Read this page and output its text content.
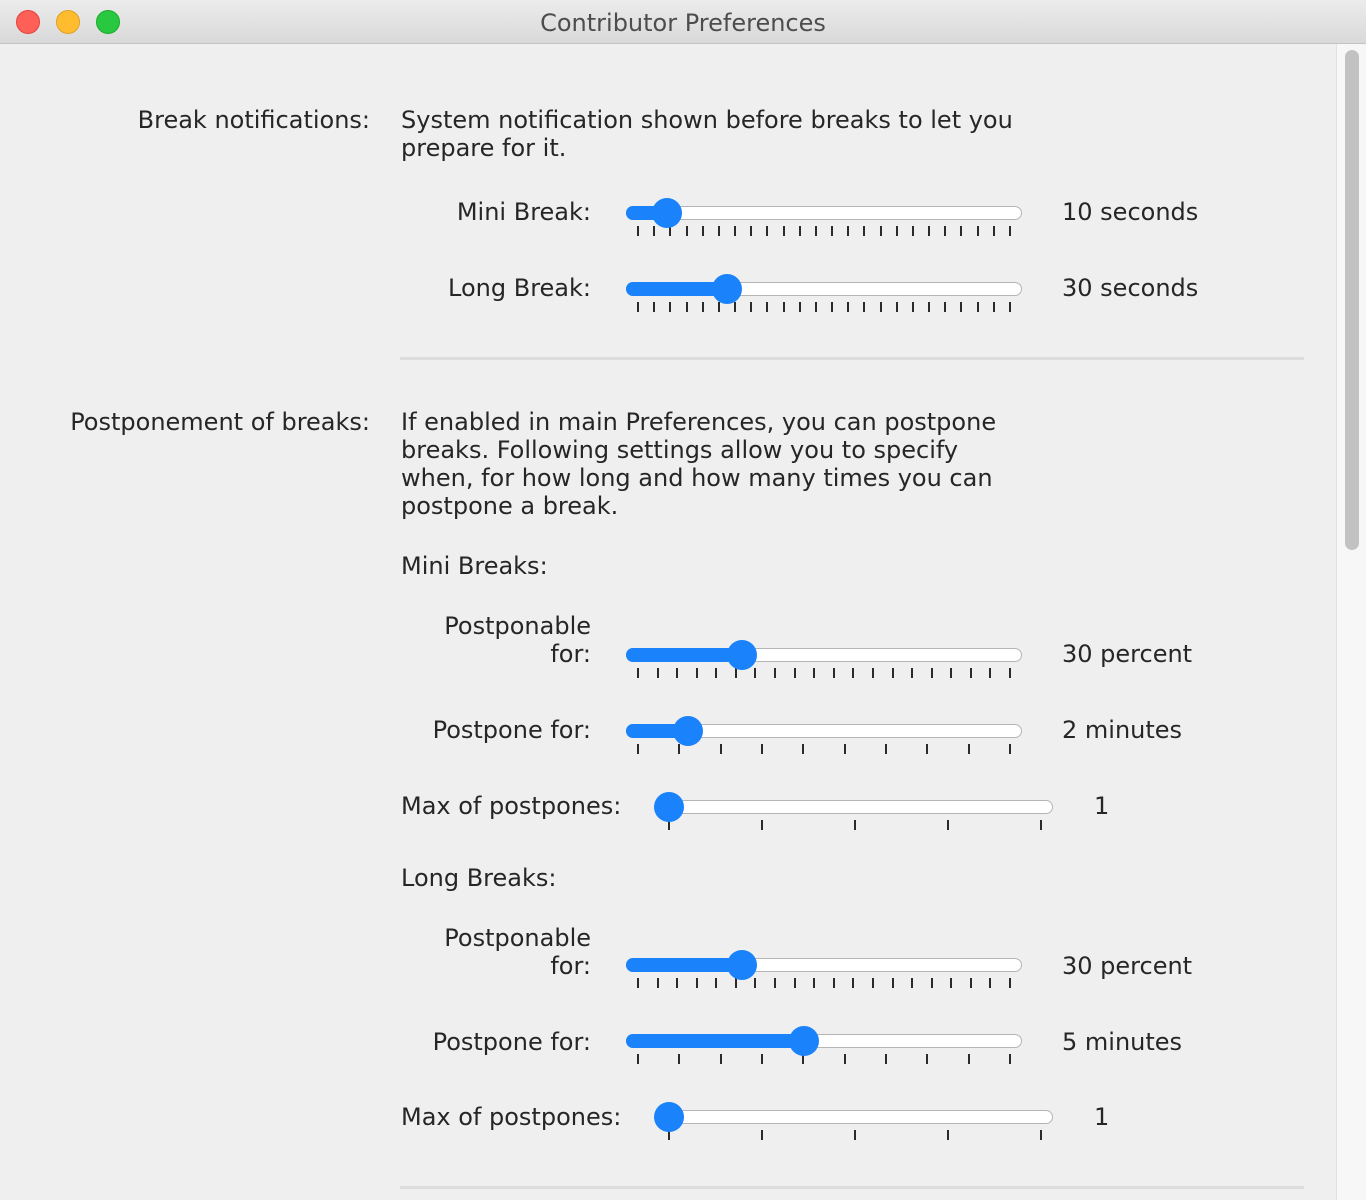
Contributor Preferences
Break notifications: System notification shown before breaks to let you prepare for it.
Mini Break:	10 seconds
Long Break:	30 seconds
Postponement of breaks: If enabled in main Preferences, you can postpone breaks. Following settings allow you to specify when, for how long and how many times you can postpone a break.
Mini Breaks:
Postponable
for:	30 percent
Postpone for:	2 minutes
Max of postpones:	1
Long Breaks:
Postponable
for:	30 percent
Postpone for:	5 minutes
Max of postpones:	1
